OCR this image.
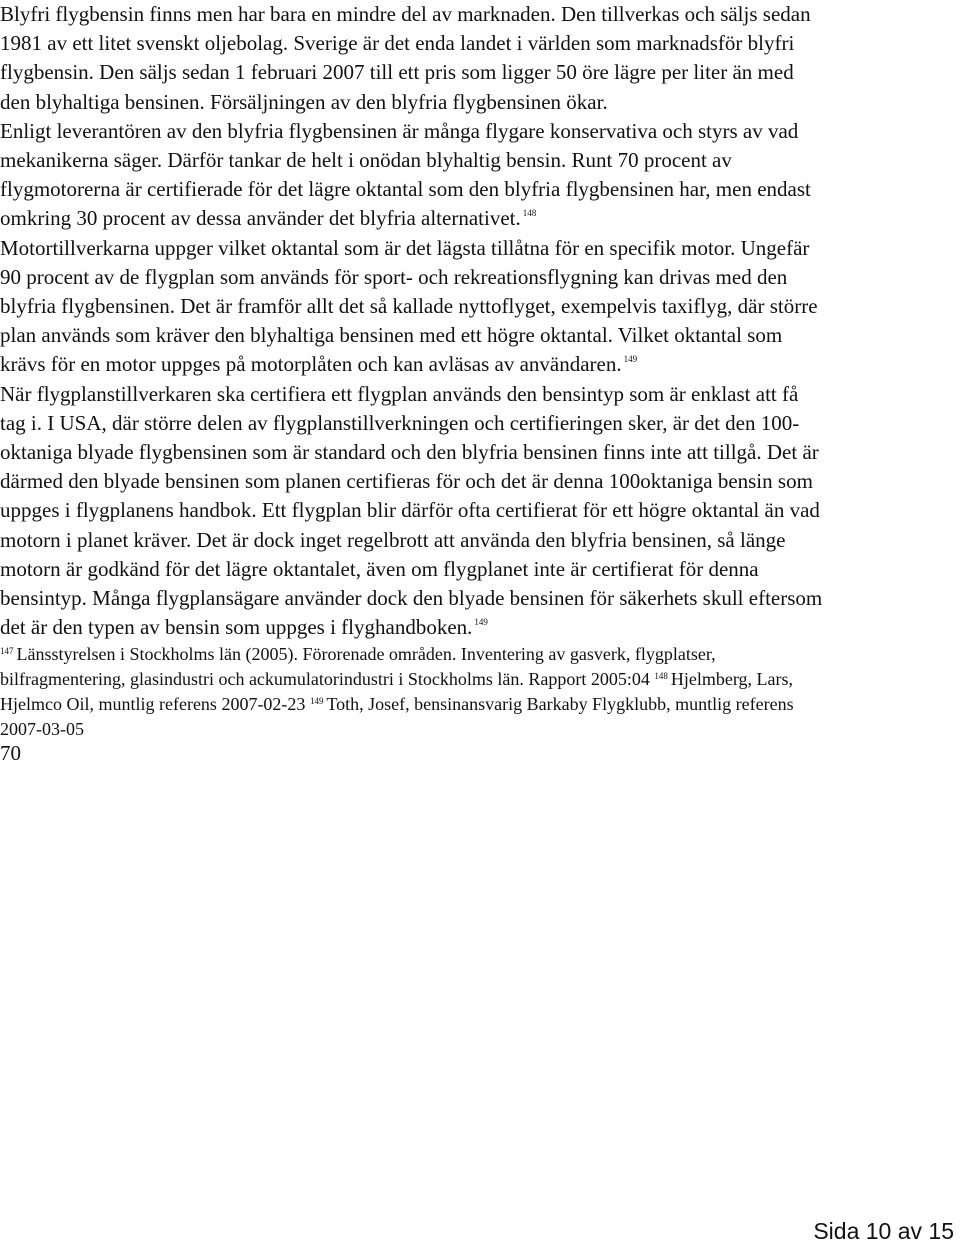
Blyfri flygbensin finns men har bara en mindre del av marknaden. Den tillverkas och säljs sedan
1981 av ett litet svenskt oljebolag. Sverige är det enda landet i världen som marknadsför blyfri
flygbensin. Den säljs sedan 1 februari 2007 till ett pris som ligger 50 öre lägre per liter än med
den blyhaltiga bensinen. Försäljningen av den blyfria flygbensinen ökar.
Enligt leverantören av den blyfria flygbensinen är många flygare konservativa och styrs av vad
mekanikerna säger. Därför tankar de helt i onödan blyhaltig bensin. Runt 70 procent av
flygmotorerna är certifierade för det lägre oktantal som den blyfria flygbensinen har, men endast
omkring 30 procent av dessa använder det blyfria alternativet. $^{148}$
Motortillverkarna uppger vilket oktantal som är det lägsta tillåtna för en specifik motor. Ungefär
90 procent av de flygplan som används för sport- och rekreationsflygning kan drivas med den
blyfria flygbensinen. Det är framför allt det så kallade nyttoflyget, exempelvis taxiflyg, där större
plan används som kräver den blyhaltiga bensinen med ett högre oktantal. Vilket oktantal som
krävs för en motor uppges på motorplåten och kan avläsas av användaren. $^{149}$
När flygplanstillverkaren ska certifiera ett flygplan används den bensintyp som är enklast att få
tag i. I USA, där större delen av flygplanstillverkningen och certifieringen sker, är det den 100-
oktaniga blyade flygbensinen som är standard och den blyfria bensinen finns inte att tillgå. Det är
därmed den blyade bensinen som planen certifieras för och det är denna 100oktaniga bensin som
uppges i flygplanens handbok. Ett flygplan blir därför ofta certifierat för ett högre oktantal än vad
motorn i planet kräver. Det är dock inget regelbrott att använda den blyfria bensinen, så länge
motorn är godkänd för det lägre oktantalet, även om flygplanet inte är certifierat för denna
bensintyp. Många flygplansägare använder dock den blyade bensinen för säkerhets skull eftersom
det är den typen av bensin som uppges i flyghandboken. $^{149}$
$^{147}$ Länsstyrelsen i Stockholms län (2005). Förorenade områden. Inventering av gasverk, flygplatser,
bilfragmentering, glasindustri och ackumulatorindustri i Stockholms län. Rapport 2005:04 $^{148}$ Hjelmberg, Lars,
Hjelmco Oil, muntlig referens 2007-02-23 $^{149}$ Toth, Josef, bensinansvarig Barkaby Flygklubb, muntlig referens
2007-03-05
70
Sida 10 av 15
